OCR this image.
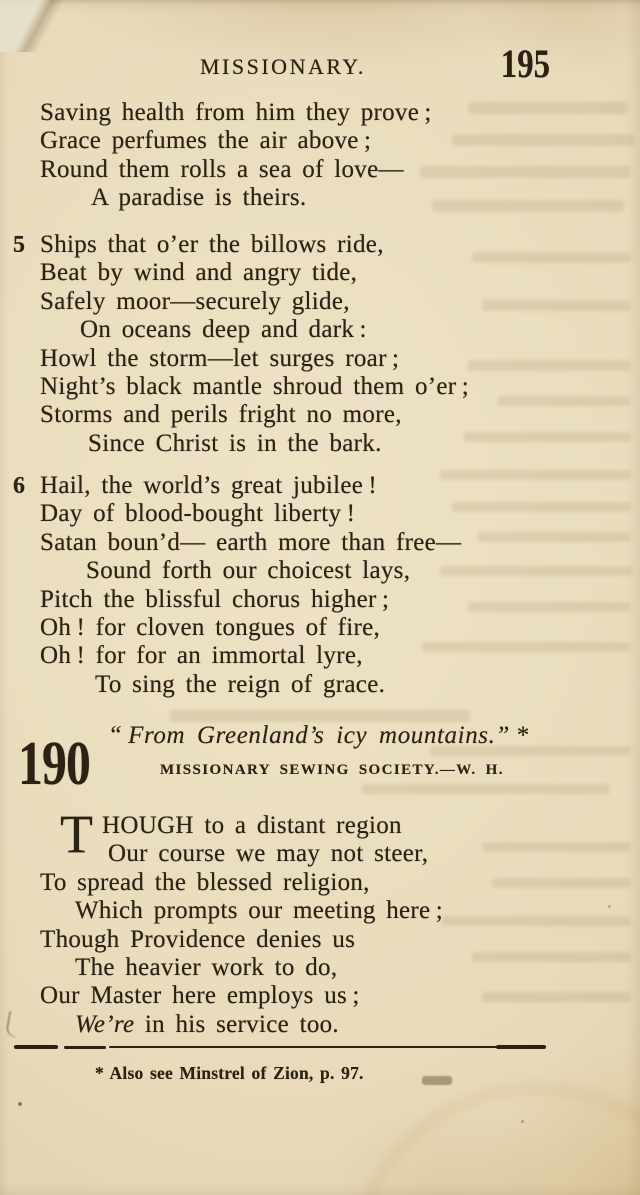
MISSIONARY.	195
Saving health from him they prove ;
Grace perfumes the air above ;
Round them rolls a sea of love—
A paradise is theirs.
5 Ships that o’er the billows ride,
Beat by wind and angry tide,
Safely moor—securely glide,
On oceans deep and dark :
Howl the storm—let surges roar ;
Night’s black mantle shroud them o’er ;
Storms and perils fright no more,
Since Christ is in the bark.
6 Hail, the world’s great jubilee !
Day of blood-bought liberty !
Satan boun’d— earth more than free—
Sound forth our choicest lays,
Pitch the blissful chorus higher ;
Oh ! for cloven tongues of fire,
Oh ! for for an immortal lyre,
To sing the reign of grace.
190 “ From Greenland’s icy mountains.” *
MISSIONARY SEWING SOCIETY.—W. H.
T HOUGH to a distant region
Our course we may not steer,
To spread the blessed religion,
Which prompts our meeting here ;
Though Providence denies us
The heavier work to do,
Our Master here employs us ;
We’re in his service too.
* Also see Minstrel of Zion, p. 97.
